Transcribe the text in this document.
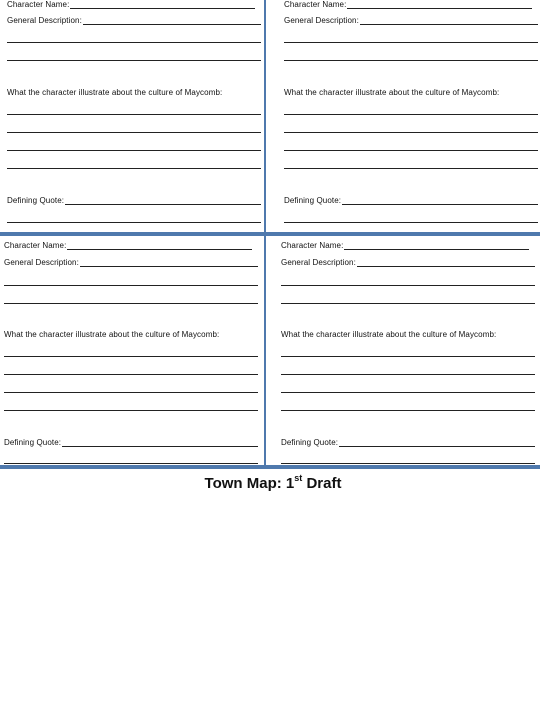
Character Name:
General Description:
What the character illustrate about the culture of Maycomb:
Defining Quote:
Character Name:
General Description:
What the character illustrate about the culture of Maycomb:
Defining Quote:
Character Name:
General Description:
What the character illustrate about the culture of Maycomb:
Defining Quote:
Character Name:
General Description:
What the character illustrate about the culture of Maycomb:
Defining Quote:
Town Map: 1st Draft
